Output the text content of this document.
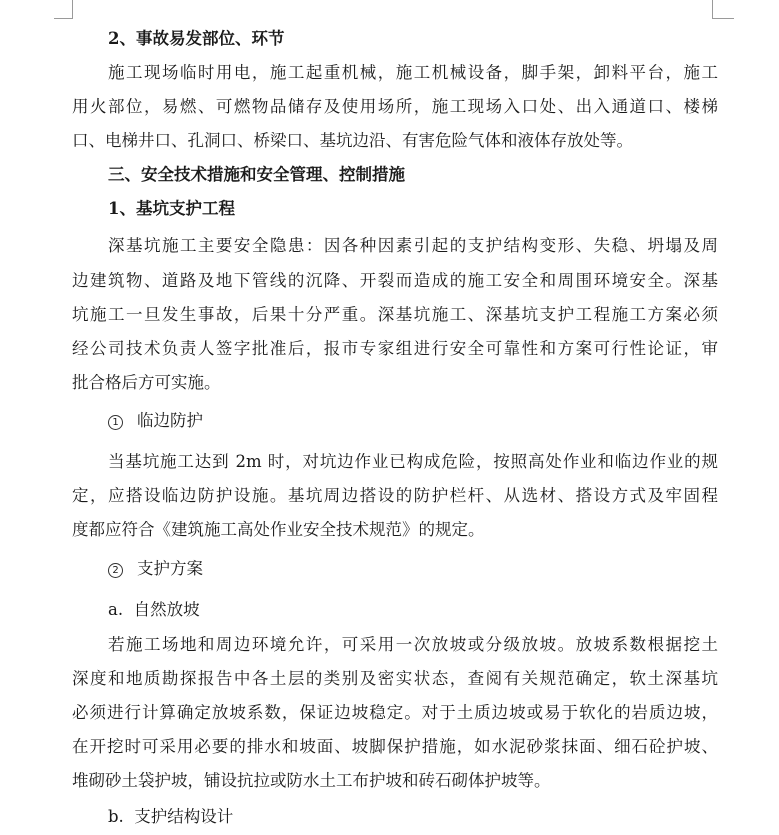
2、事故易发部位、环节
施工现场临时用电，施工起重机械，施工机械设备，脚手架，卸料平台，施工
用火部位，易燃、可燃物品储存及使用场所，施工现场入口处、出入通道口、楼梯
口、电梯井口、孔洞口、桥梁口、基坑边沿、有害危险气体和液体存放处等。
三、安全技术措施和安全管理、控制措施
1、基坑支护工程
深基坑施工主要安全隐患：因各种因素引起的支护结构变形、失稳、坍塌及周
边建筑物、道路及地下管线的沉降、开裂而造成的施工安全和周围环境安全。深基
坑施工一旦发生事故，后果十分严重。深基坑施工、深基坑支护工程施工方案必须
经公司技术负责人签字批准后，报市专家组进行安全可靠性和方案可行性论证，审
批合格后方可实施。
1 临边防护
当基坑施工达到 2m 时，对坑边作业已构成危险，按照高处作业和临边作业的规
定，应搭设临边防护设施。基坑周边搭设的防护栏杆、从选材、搭设方式及牢固程
度都应符合《建筑施工高处作业安全技术规范》的规定。
2 支护方案
a.  自然放坡
若施工场地和周边环境允许，可采用一次放坡或分级放坡。放坡系数根据挖土
深度和地质勘探报告中各土层的类别及密实状态，查阅有关规范确定，软土深基坑
必须进行计算确定放坡系数，保证边坡稳定。对于土质边坡或易于软化的岩质边坡，
在开挖时可采用必要的排水和坡面、坡脚保护措施，如水泥砂浆抹面、细石砼护坡、
堆砌砂土袋护坡，铺设抗拉或防水土工布护坡和砖石砌体护坡等。
b.  支护结构设计
